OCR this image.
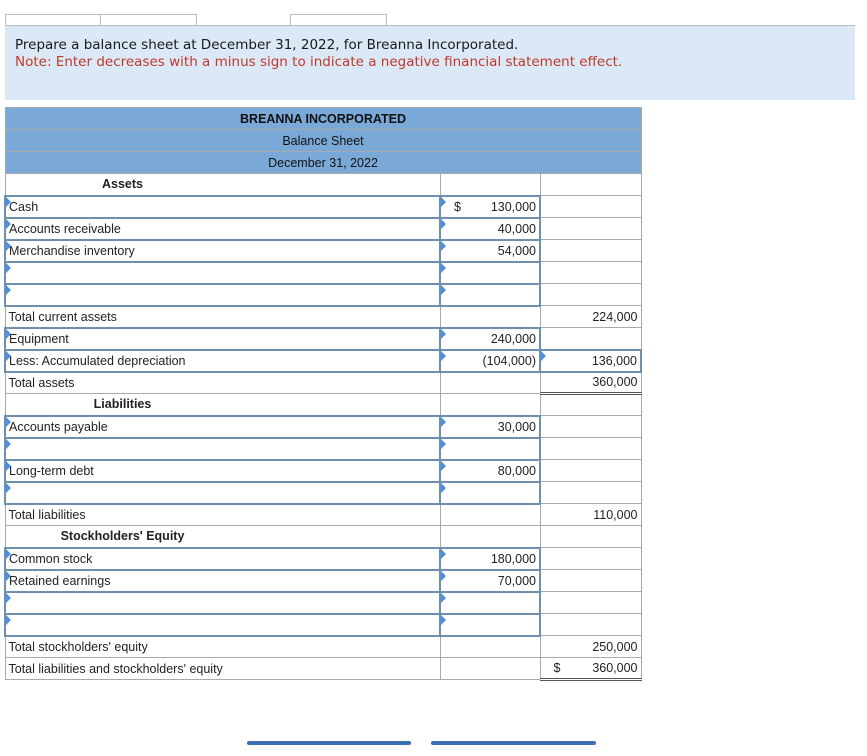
Prepare a balance sheet at December 31, 2022, for Breanna Incorporated.

Note: Enter decreases with a minus sign to indicate a negative financial statement effect.

BREANNA INCORPORATED		
Balance Sheet		
December 31, 2022		
Assets		
Cash	$ 130,000	
Accounts receivable	40,000	
Merchandise inventory	54,000	

Total current assets		224,000
Equipment	240,000	
Less: Accumulated depreciation	(104,000)	136,000
Total assets		360,000
Liabilities		
Accounts payable	30,000	

Long-term debt	80,000	

Total liabilities		110,000
Stockholders' Equity		
Common stock	180,000	
Retained earnings	70,000	

Total stockholders' equity		250,000
Total liabilities and stockholders' equity		$ 360,000
